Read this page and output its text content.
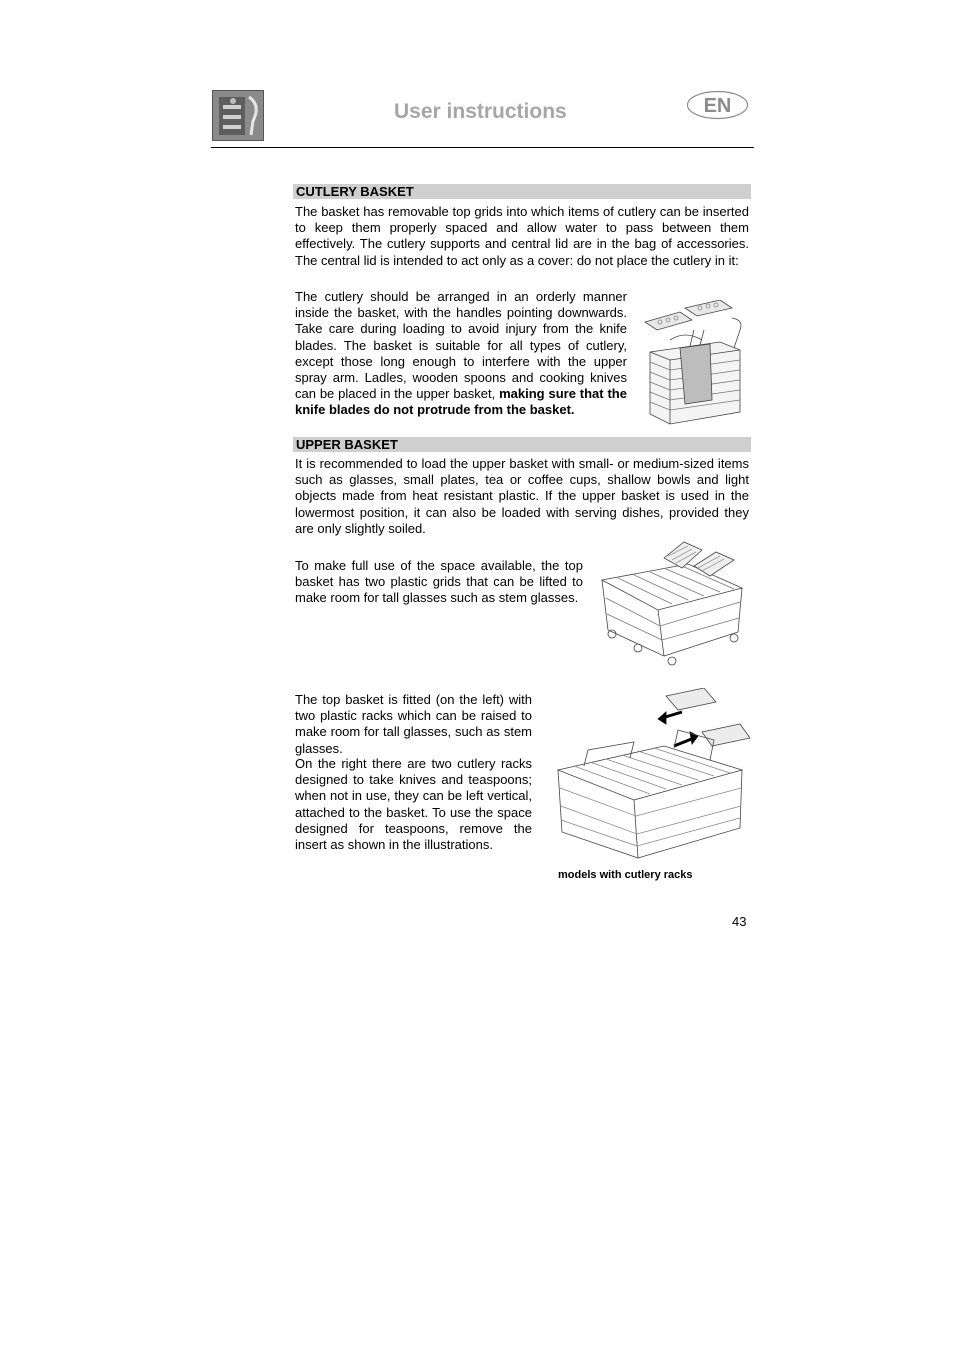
User instructions	EN
CUTLERY BASKET
The basket has removable top grids into which items of cutlery can be inserted to keep them properly spaced and allow water to pass between them effectively. The cutlery supports and central lid are in the bag of accessories. The central lid is intended to act only as a cover: do not place the cutlery in it:
The cutlery should be arranged in an orderly manner inside the basket, with the handles pointing downwards. Take care during loading to avoid injury from the knife blades. The basket is suitable for all types of cutlery, except those long enough to interfere with the upper spray arm. Ladles, wooden spoons and cooking knives can be placed in the upper basket, making sure that the knife blades do not protrude from the basket.
UPPER BASKET
It is recommended to load the upper basket with small- or medium-sized items such as glasses, small plates, tea or coffee cups, shallow bowls and light objects made from heat resistant plastic. If the upper basket is used in the lowermost position, it can also be loaded with serving dishes, provided they are only slightly soiled.
To make full use of the space available, the top basket has two plastic grids that can be lifted to make room for tall glasses such as stem glasses.
The top basket is fitted (on the left) with two plastic racks which can be raised to make room for tall glasses, such as stem glasses.
On the right there are two cutlery racks designed to take knives and teaspoons; when not in use, they can be left vertical, attached to the basket. To use the space designed for teaspoons, remove the insert as shown in the illustrations.
models with cutlery racks
43
